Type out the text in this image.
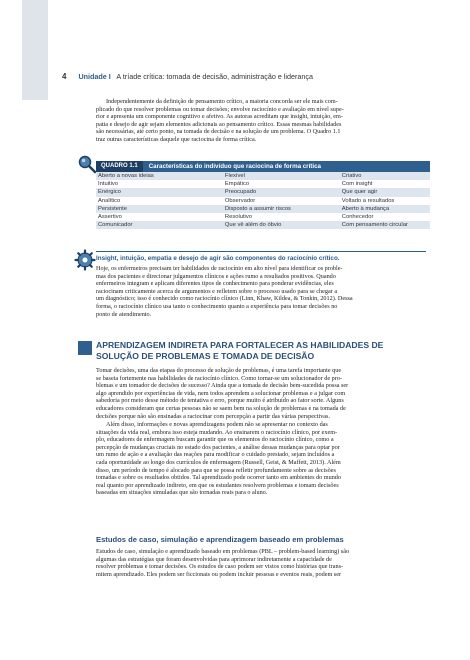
4 Unidade I A tríade crítica: tomada de decisão, administração e liderança
Independentemente da definição de pensamento crítico, a maioria concorda ser ele mais com-
plicado do que resolver problemas ou tomar decisões; envolve raciocínio e avaliação em nível supe-
rior e apresenta um componente cognitivo e afetivo. As autoras acreditam que insight, intuição, em-
patia e desejo de agir sejam elementos adicionais ao pensamento crítico. Essas mesmas habilidades
são necessárias, até certo ponto, na tomada de decisão e na solução de um problema. O Quadro 1.1
traz outras características daquele que raciocina de forma crítica.
QUADRO 1.1	Características do indivíduo que raciocina de forma crítica
Aberto a novas ideias	Flexível	Criativo
Intuitivo	Empático	Com insight
Enérgico	Preocupado	Que quer agir
Analítico	Observador	Voltado a resultados
Persistente	Disposto a assumir riscos	Aberto à mudança
Assertivo	Resolutivo	Conhecedor
Comunicador	Que vê além do óbvio	Com pensamento circular
Insight, intuição, empatia e desejo de agir são componentes do raciocínio crítico.
Hoje, os enfermeiros precisam ter habilidades de raciocínio em alto nível para identificar os proble-
mas dos pacientes e direcionar julgamentos clínicos e ações rumo a resultados positivos. Quando
enfermeiros integram e aplicam diferentes tipos de conhecimento para ponderar evidências, eles
raciocinam criticamente acerca de argumentos e refletem sobre o processo usado para se chegar a
um diagnóstico; isso é conhecido como raciocínio clínico (Linn, Khaw, Kildea, & Tonkin, 2012). Dessa
forma, o raciocínio clínico usa tanto o conhecimento quanto a experiência para tomar decisões no
ponto de atendimento.
APRENDIZAGEM INDIRETA PARA FORTALECER AS HABILIDADES DE
SOLUÇÃO DE PROBLEMAS E TOMADA DE DECISÃO
Tomar decisões, uma das etapas do processo de solução de problemas, é uma tarefa importante que
se baseia fortemente nas habilidades de raciocínio clínico. Como tornar-se um solucionador de pro-
blemas e um tomador de decisões de sucesso? Ainda que a tomada de decisão bem-sucedida possa ser
algo aprendido por experiências de vida, nem todos aprendem a solucionar problemas e a julgar com
sabedoria por meio desse método de tentativa e erro, porque muito é atribuído ao fator sorte. Alguns
educadores consideram que certas pessoas não se saem bem na solução de problemas e na tomada de
decisões porque não são ensinadas a raciocinar com percepção a partir das várias perspectivas.
Além disso, informações e novas aprendizagens podem não se apresentar no contexto das
situações da vida real, embora isso esteja mudando. Ao ensinarem o raciocínio clínico, por exem-
plo, educadores de enfermagem buscam garantir que os elementos do raciocínio clínico, como a
percepção de mudanças cruciais no estado dos pacientes, a análise dessas mudanças para optar por
um rumo de ação e a avaliação das reações para modificar o cuidado prestado, sejam incluídos a
cada oportunidade ao longo dos currículos de enfermagem (Russell, Geist, & Maffett, 2013). Além
disso, um período de tempo é alocado para que se possa refletir profundamente sobre as decisões
tomadas e sobre os resultados obtidos. Tal aprendizado pode ocorrer tanto em ambientes do mundo
real quanto por aprendizado indireto, em que os estudantes resolvem problemas e tomam decisões
baseadas em situações simuladas que são tornadas reais para o aluno.
Estudos de caso, simulação e aprendizagem baseado em problemas
Estudos de caso, simulação e aprendizado baseado em problemas (PBL – problem-based learning) são
algumas das estratégias que foram desenvolvidas para aprimorar indiretamente a capacidade de
resolver problemas e tomar decisões. Os estudos de caso podem ser vistos como histórias que trans-
mitem aprendizado. Eles podem ser ficcionais ou podem incluir pessoas e eventos reais, podem ser
